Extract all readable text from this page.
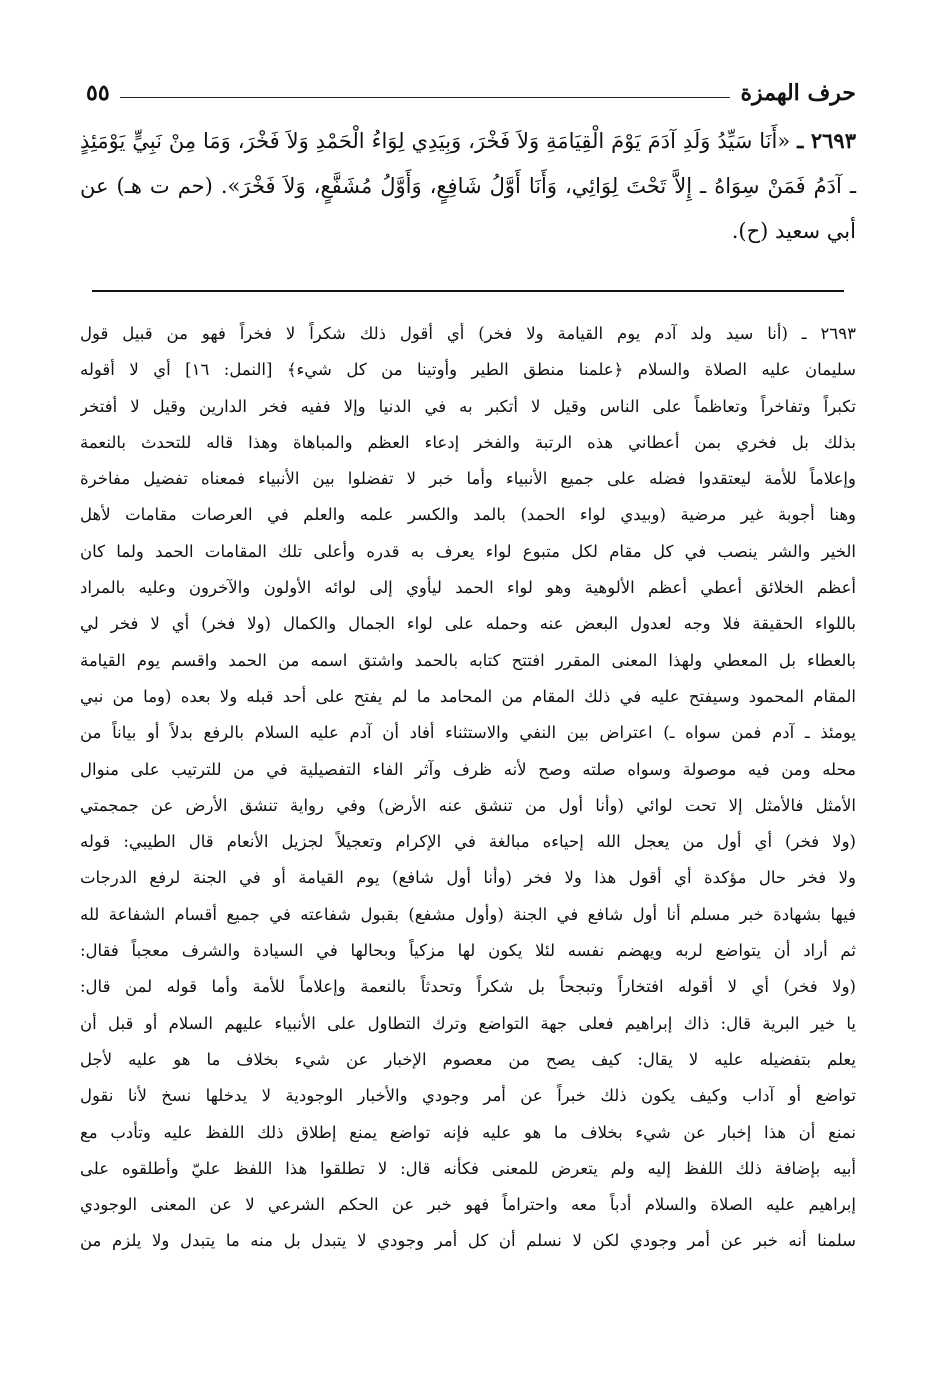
حرف الهمزة
٥٥
٢٦٩٣ ـ «أَنَا سَيِّدُ وَلَدِ آدَمَ يَوْمَ الْقِيَامَةِ وَلاَ فَخْرَ، وَبِيَدِي لِوَاءُ الْحَمْدِ وَلاَ فَخْرَ، وَمَا مِنْ نَبِيٍّ يَوْمَئِذٍ ـ آدَمُ فَمَنْ سِوَاهُ ـ إِلاَّ تَحْتَ لِوَائِي، وَأَنَا أَوَّلُ شَافِعٍ، وَأَوَّلُ مُشَفَّعٍ، وَلاَ فَخْرَ». (حم ت هـ) عن أبي سعيد (ح).
٢٦٩٣ ـ (أنا سيد ولد آدم يوم القيامة ولا فخر) أي أقول ذلك شكراً لا فخراً فهو من قبيل قول
سليمان عليه الصلاة والسلام ﴿علمنا منطق الطير وأوتينا من كل شيء﴾ [النمل: ١٦] أي لا أقوله
تكبراً وتفاخراً وتعاظماً على الناس وقيل لا أتكبر به في الدنيا وإلا ففيه فخر الدارين وقيل لا أفتخر
بذلك بل فخري بمن أعطاني هذه الرتبة والفخر إدعاء العظم والمباهاة وهذا قاله للتحدث بالنعمة
وإعلاماً للأمة ليعتقدوا فضله على جميع الأنبياء وأما خبر لا تفضلوا بين الأنبياء فمعناه تفضيل مفاخرة
وهنا أجوبة غير مرضية (وبيدي لواء الحمد) بالمد والكسر علمه والعلم في العرصات مقامات لأهل
الخير والشر ينصب في كل مقام لكل متبوع لواء يعرف به قدره وأعلى تلك المقامات الحمد ولما كان
أعظم الخلائق أعطي أعظم الألوهية وهو لواء الحمد ليأوي إلى لوائه الأولون والآخرون وعليه بالمراد
باللواء الحقيقة فلا وجه لعدول البعض عنه وحمله على لواء الجمال والكمال (ولا فخر) أي لا فخر لي
بالعطاء بل المعطي ولهذا المعنى المقرر افتتح كتابه بالحمد واشتق اسمه من الحمد واقسم يوم القيامة
المقام المحمود وسيفتح عليه في ذلك المقام من المحامد ما لم يفتح على أحد قبله ولا بعده (وما من نبي
يومئذ ـ آدم فمن سواه ـ) اعتراض بين النفي والاستثناء أفاد أن آدم عليه السلام بالرفع بدلاً أو بياناً من
محله ومن فيه موصولة وسواه صلته وصح لأنه ظرف وآثر الفاء التفصيلية في من للترتيب على منوال
الأمثل فالأمثل إلا تحت لوائي (وأنا أول من تنشق عنه الأرض) وفي رواية تنشق الأرض عن جمجمتي
(ولا فخر) أي أول من يعجل الله إحياءه مبالغة في الإكرام وتعجيلاً لجزيل الأنعام قال الطيبي: قوله
ولا فخر حال مؤكدة أي أقول هذا ولا فخر (وأنا أول شافع) يوم القيامة أو في الجنة لرفع الدرجات
فيها بشهادة خبر مسلم أنا أول شافع في الجنة (وأول مشفع) بقبول شفاعته في جميع أقسام الشفاعة لله
ثم أراد أن يتواضع لربه ويهضم نفسه لئلا يكون لها مزكياً وبحالها في السيادة والشرف معجباً فقال:
(ولا فخر) أي لا أقوله افتخاراً وتبجحاً بل شكراً وتحدثاً بالنعمة وإعلاماً للأمة وأما قوله لمن قال:
يا خير البرية قال: ذاك إبراهيم فعلى جهة التواضع وترك التطاول على الأنبياء عليهم السلام أو قبل أن
يعلم بتفضيله عليه لا يقال: كيف يصح من معصوم الإخبار عن شيء بخلاف ما هو عليه لأجل
تواضع أو آداب وكيف يكون ذلك خبراً عن أمر وجودي والأخبار الوجودية لا يدخلها نسخ لأنا نقول
نمنع أن هذا إخبار عن شيء بخلاف ما هو عليه فإنه تواضع يمنع إطلاق ذلك اللفظ عليه وتأدب مع
أبيه بإضافة ذلك اللفظ إليه ولم يتعرض للمعنى فكأنه قال: لا تطلقوا هذا اللفظ عليّ وأطلقوه على
إبراهيم عليه الصلاة والسلام أدباً معه واحتراماً فهو خبر عن الحكم الشرعي لا عن المعنى الوجودي
سلمنا أنه خبر عن أمر وجودي لكن لا نسلم أن كل أمر وجودي لا يتبدل بل منه ما يتبدل ولا يلزم من
